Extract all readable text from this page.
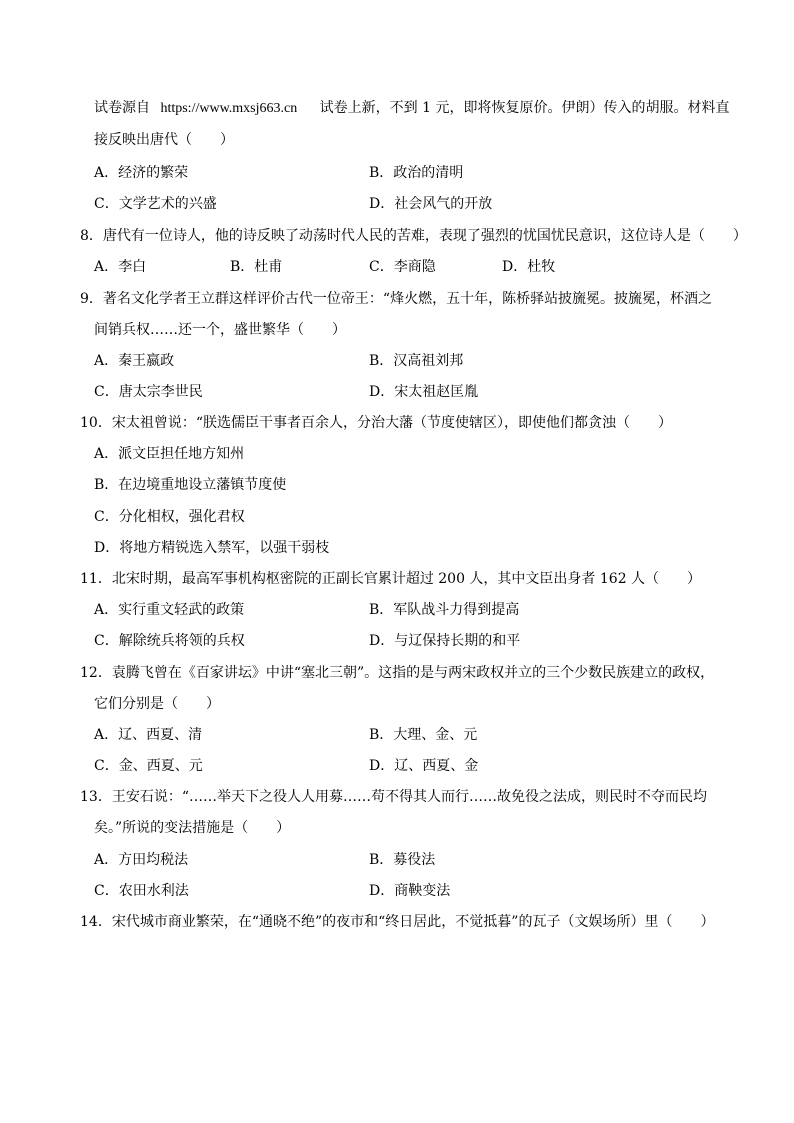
试卷源自 https://www.mxsj663.cn 试卷上新，不到 1 元，即将恢复原价。伊朗）传入的胡服。材料直
接反映出唐代（　　）
A．经济的繁荣	B．政治的清明
C．文学艺术的兴盛	D．社会风气的开放
8．唐代有一位诗人，他的诗反映了动荡时代人民的苦难，表现了强烈的忧国忧民意识，这位诗人是（　　）
A．李白	B．杜甫	C．李商隐	D．杜牧
9．著名文化学者王立群这样评价古代一位帝王：“烽火燃，五十年，陈桥驿站披旒冕。披旒冕，杯酒之
间销兵权……还一个，盛世繁华（　　）
A．秦王嬴政	B．汉高祖刘邦
C．唐太宗李世民	D．宋太祖赵匡胤
10．宋太祖曾说：“朕选儒臣干事者百余人，分治大藩（节度使辖区），即使他们都贪浊（　　）
A．派文臣担任地方知州
B．在边境重地设立藩镇节度使
C．分化相权，强化君权
D．将地方精锐选入禁军，以强干弱枝
11．北宋时期，最高军事机构枢密院的正副长官累计超过 200 人，其中文臣出身者 162 人（　　）
A．实行重文轻武的政策	B．军队战斗力得到提高
C．解除统兵将领的兵权	D．与辽保持长期的和平
12．袁腾飞曾在《百家讲坛》中讲“塞北三朝”。这指的是与两宋政权并立的三个少数民族建立的政权，
它们分别是（　　）
A．辽、西夏、清	B．大理、金、元
C．金、西夏、元	D．辽、西夏、金
13．王安石说：“……举天下之役人人用募……苟不得其人而行……故免役之法成，则民时不夺而民均
矣。”所说的变法措施是（　　）
A．方田均税法	B．募役法
C．农田水利法	D．商鞅变法
14．宋代城市商业繁荣，在“通晓不绝”的夜市和“终日居此，不觉抵暮”的瓦子（文娱场所）里（　　）
